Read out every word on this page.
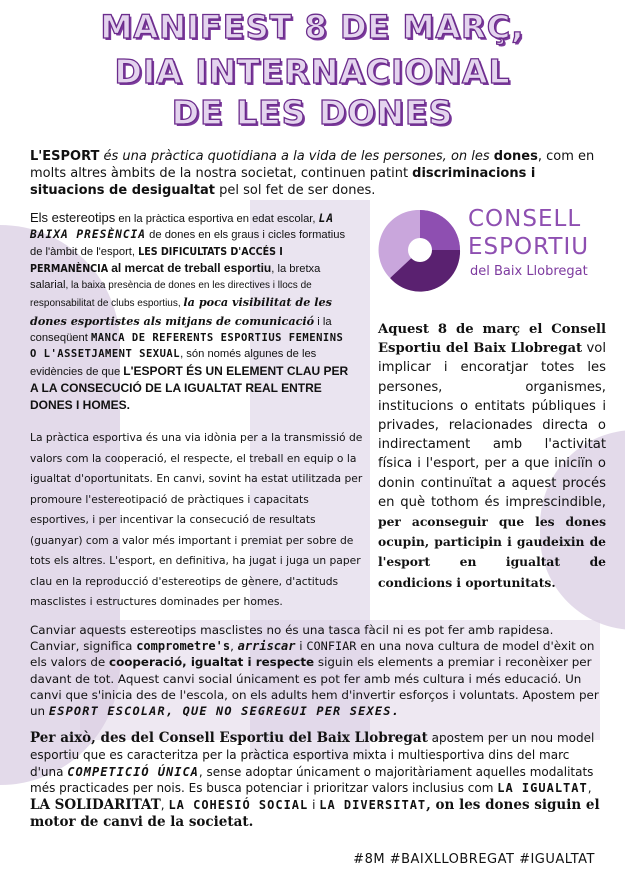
MANIFEST 8 DE MARÇ,
DIA INTERNACIONAL
DE LES DONES
L'ESPORT és una pràctica quotidiana a la vida de les persones, on les dones, com en molts altres àmbits de la nostra societat, continuen patint discriminacions i situacions de desigualtat pel sol fet de ser dones.
Els estereotips en la pràctica esportiva en edat escolar, LA BAIXA PRESÈNCIA de dones en els graus i cicles formatius de l'àmbit de l'esport, LES DIFICULTATS D'ACCÉS I PERMANÈNCIA al mercat de treball esportiu, la bretxa salarial, la baixa presència de dones en les directives i llocs de responsabilitat de clubs esportius, la poca visibilitat de les dones esportistes als mitjans de comunicació i la conseqüent MANCA DE REFERENTS ESPORTIUS FEMENINS O L'ASSETJAMENT SEXUAL, són només algunes de les evidències de que L'ESPORT ÉS UN ELEMENT CLAU PER A LA CONSECUCIÓ DE LA IGUALTAT REAL ENTRE DONES I HOMES.
La pràctica esportiva és una via idònia per a la transmissió de valors com la cooperació, el respecte, el treball en equip o la igualtat d'oportunitats. En canvi, sovint ha estat utilitzada per promoure l'estereotipació de pràctiques i capacitats esportives, i per incentivar la consecució de resultats (guanyar) com a valor més important i premiat per sobre de tots els altres. L'esport, en definitiva, ha jugat i juga un paper clau en la reproducció d'estereotips de gènere, d'actituds masclistes i estructures dominades per homes.
CONSELL
ESPORTIU
del Baix Llobregat
Aquest 8 de març el Consell Esportiu del Baix Llobregat vol implicar i encoratjar totes les persones, organismes, institucions o entitats públiques i privades, relacionades directa o indirectament amb l'activitat física i l'esport, per a que iniciïn o donin continuïtat a aquest procés en què tothom és imprescindible, per aconseguir que les dones ocupin, participin i gaudeixin de l'esport en igualtat de condicions i oportunitats.
Canviar aquests estereotips masclistes no és una tasca fàcil ni es pot fer amb rapidesa. Canviar, significa comprometre's, arriscar i CONFIAR en una nova cultura de model d'èxit on els valors de cooperació, igualtat i respecte siguin els elements a premiar i reconèixer per davant de tot. Aquest canvi social únicament es pot fer amb més cultura i més educació. Un canvi que s'inicia des de l'escola, on els adults hem d'invertir esforços i voluntats. Apostem per un ESPORT ESCOLAR, QUE NO SEGREGUI PER SEXES.
Per això, des del Consell Esportiu del Baix Llobregat apostem per un nou model esportiu que es caracteritza per la pràctica esportiva mixta i multiesportiva dins del marc d'una COMPETICIÓ ÚNICA, sense adoptar únicament o majoritàriament aquelles modalitats més practicades per nois. Es busca potenciar i prioritzar valors inclusius com LA IGUALTAT, LA SOLIDARITAT, LA COHESIÓ SOCIAL i LA DIVERSITAT, on les dones siguin el motor de canvi de la societat.
#8M #BAIXLLOBREGAT #IGUALTAT
